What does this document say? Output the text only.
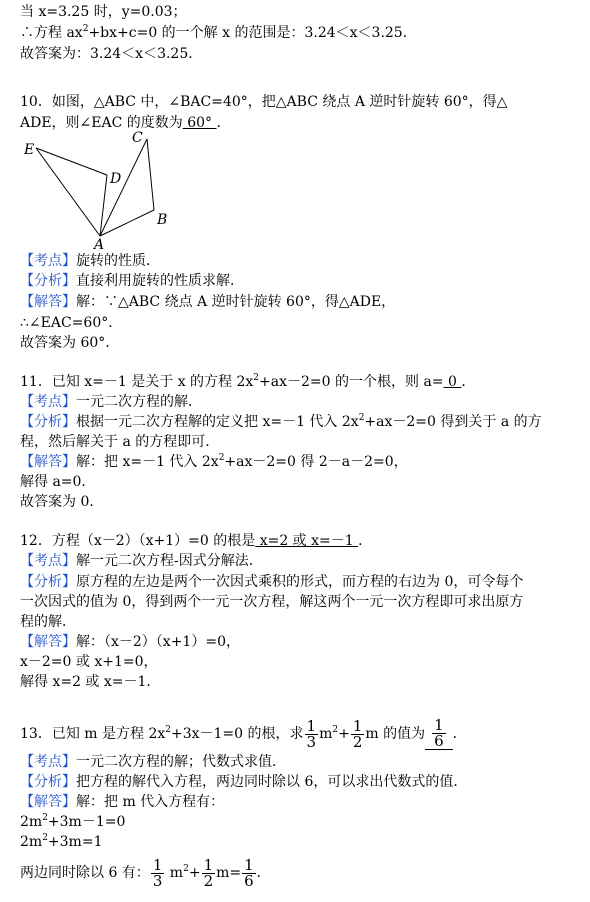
当 x=3.25 时，y=0.03；
∴方程 $ax^2+bx+c=0$ 的一个解 x 的范围是：3.24＜x＜3.25．
故答案为：3.24＜x＜3.25．
10．如图，△ABC 中，∠BAC=40°，把△ABC 绕点 A 逆时针旋转 60°，得△
ADE，则∠EAC 的度数为 60° ．
E
C
D
B
A
【考点】旋转的性质．
【分析】直接利用旋转的性质求解．
【解答】解：∵△ABC 绕点 A 逆时针旋转 60°，得△ADE，
∴∠EAC=60°．
故答案为 60°．
11．已知 x=－1 是关于 x 的方程 $2x^2+ax-2=0$ 的一个根，则 a= 0 ．
【考点】一元二次方程的解．
【分析】根据一元二次方程解的定义把 x=－1 代入 $2x^2+ax-2=0$ 得到关于 a 的方
程，然后解关于 a 的方程即可．
【解答】解：把 x=－1 代入 $2x^2+ax-2=0$ 得 2－a－2=0，
解得 a=0．
故答案为 0．
12．方程（x－2）（x+1）=0 的根是 x=2 或 x=－1 ．
【考点】解一元二次方程-因式分解法．
【分析】原方程的左边是两个一次因式乘积的形式，而方程的右边为 0，可令每个
一次因式的值为 0，得到两个一元一次方程，解这两个一元一次方程即可求出原方
程的解．
【解答】解：（x－2）（x+1）=0，
x－2=0 或 x+1=0，
解得 x=2 或 x=－1．
13．已知 m 是方程 $2x^2+3x-1=0$ 的根，求 $\frac{1}{3} m^2+ \frac{1}{2}$ m 的值为 $\frac{1}{6}$ ．
【考点】一元二次方程的解；代数式求值．
【分析】把方程的解代入方程，两边同时除以 6，可以求出代数式的值．
【解答】解：把 m 代入方程有：
$2m^2+3m-1=0$
$2m^2+3m=1$
两边同时除以 6 有： $\frac{1}{3} m^2+ \frac{1}{2} m= \frac{1}{6}$ ．
